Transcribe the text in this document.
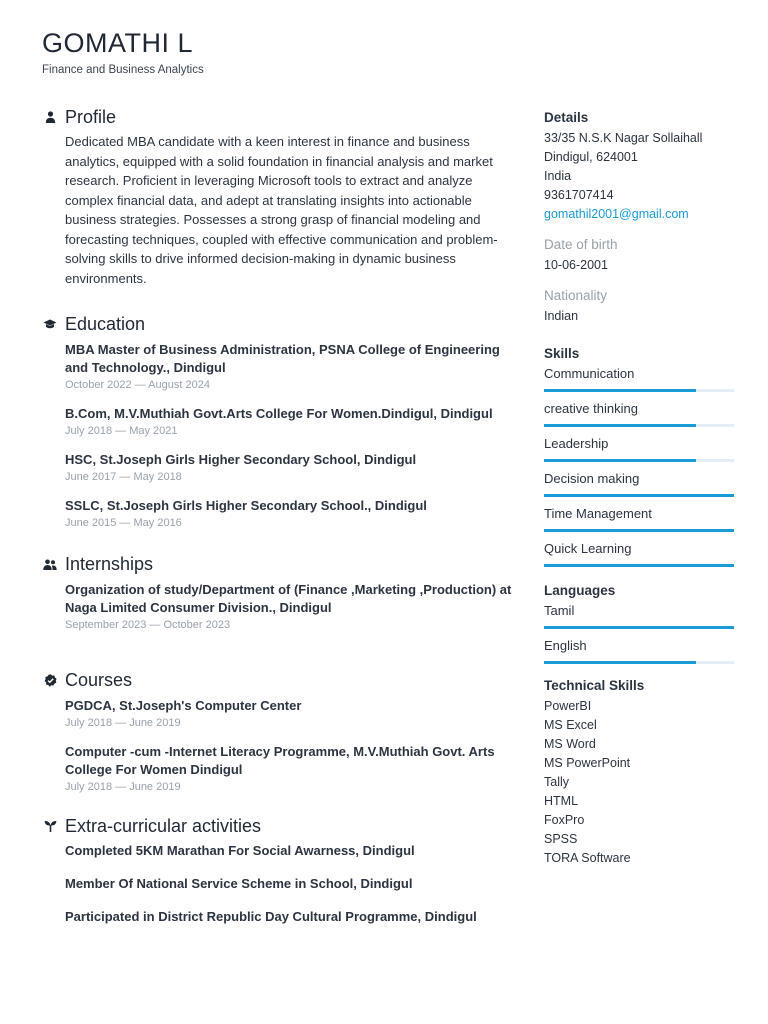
GOMATHI L
Finance and Business Analytics
Profile
Dedicated MBA candidate with a keen interest in finance and business analytics, equipped with a solid foundation in financial analysis and market research. Proficient in leveraging Microsoft tools to extract and analyze complex financial data, and adept at translating insights into actionable business strategies. Possesses a strong grasp of financial modeling and forecasting techniques, coupled with effective communication and problem-solving skills to drive informed decision-making in dynamic business environments.
Education
MBA Master of Business Administration, PSNA College of Engineering and Technology., Dindigul
October 2022 — August 2024
B.Com, M.V.Muthiah Govt.Arts College For Women.Dindigul, Dindigul
July 2018 — May 2021
HSC, St.Joseph Girls Higher Secondary School, Dindigul
June 2017 — May 2018
SSLC, St.Joseph Girls Higher Secondary School., Dindigul
June 2015 — May 2016
Internships
Organization of study/Department of (Finance ,Marketing ,Production) at Naga Limited Consumer Division., Dindigul
September 2023 — October 2023
Courses
PGDCA, St.Joseph's Computer Center
July 2018 — June 2019
Computer -cum -Internet Literacy Programme, M.V.Muthiah Govt. Arts College For Women Dindigul
July 2018 — June 2019
Extra-curricular activities
Completed 5KM Marathan For Social Awarness, Dindigul
Member Of National Service Scheme in School, Dindigul
Participated in District Republic Day Cultural Programme, Dindigul
Details
33/35 N.S.K Nagar Sollaihall
Dindigul, 624001
India
9361707414
gomathil2001@gmail.com
Date of birth
10-06-2001
Nationality
Indian
Skills
Communication
creative thinking
Leadership
Decision making
Time Management
Quick Learning
Languages
Tamil
English
Technical Skills
PowerBI
MS Excel
MS Word
MS PowerPoint
Tally
HTML
FoxPro
SPSS
TORA Software
